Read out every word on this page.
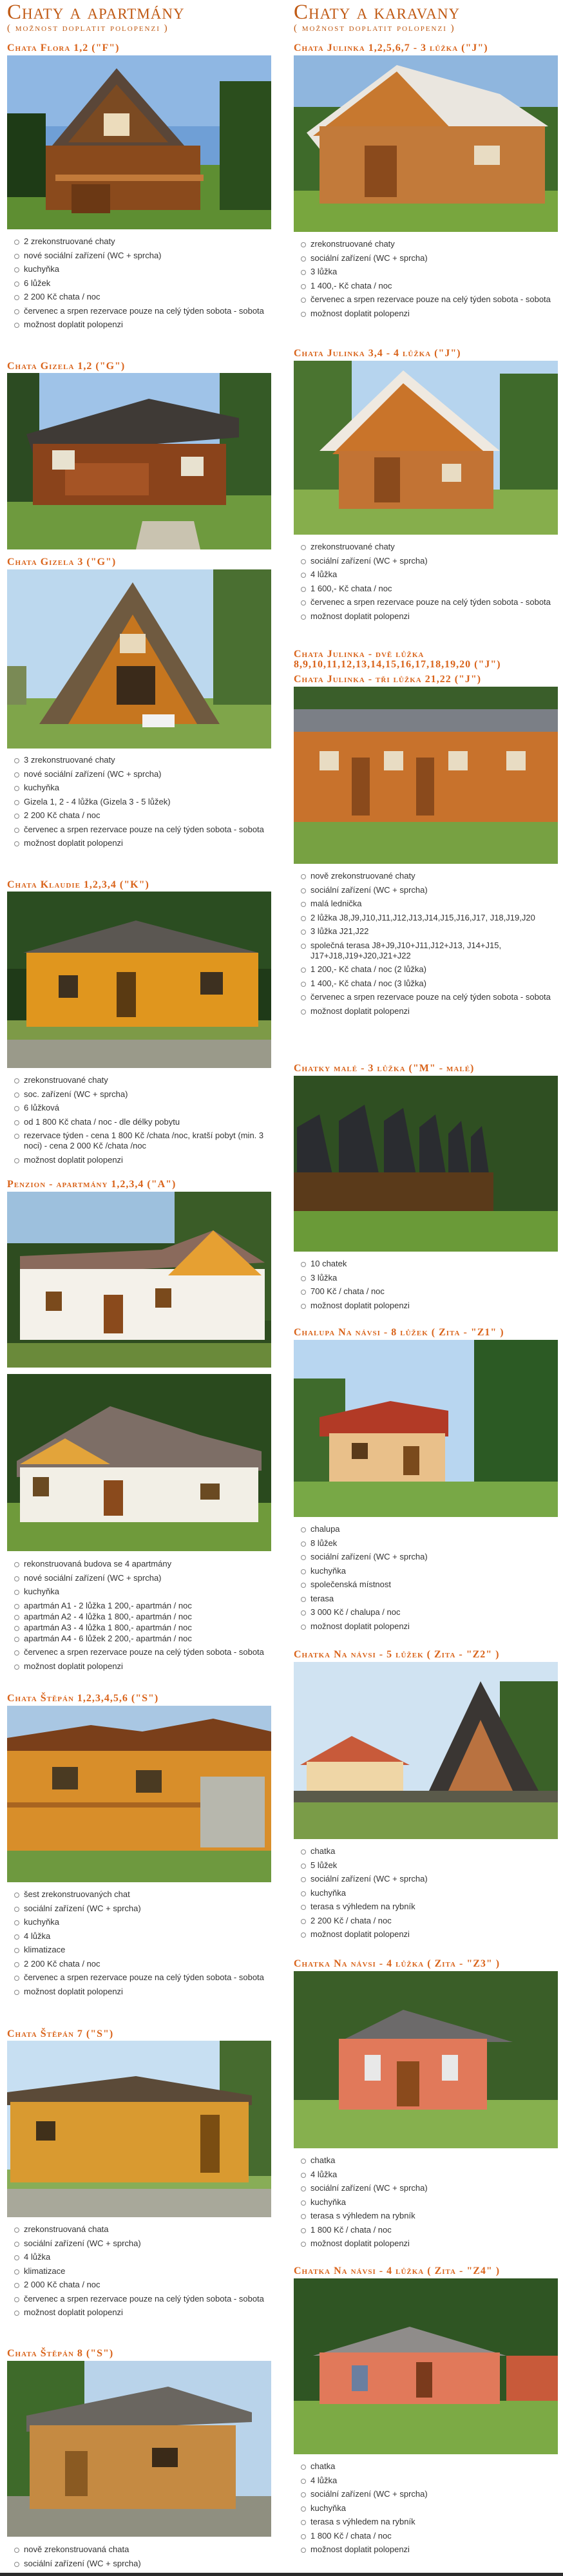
Chaty a apartmány
( možnost doplatit polopenzi )
Chata Flora 1,2 ("F")
2 zrekonstruované chaty
nové sociální zařízení (WC + sprcha)
kuchyňka
6 lůžek
2 200 Kč chata / noc
červenec a srpen rezervace pouze na celý týden sobota - sobota
možnost doplatit polopenzi
Chata Gizela 1,2 ("G")
Chata Gizela 3 ("G")
3 zrekonstruované chaty
nové sociální zařízení (WC + sprcha)
kuchyňka
Gizela 1, 2 - 4 lůžka (Gizela 3 - 5 lůžek)
2 200 Kč chata / noc
červenec a srpen rezervace pouze na celý týden sobota - sobota
možnost doplatit polopenzi
Chata Klaudie 1,2,3,4 ("K")
zrekonstruované chaty
soc. zařízení (WC + sprcha)
6 lůžková
od 1 800 Kč chata / noc - dle délky pobytu
rezervace týden - cena 1 800 Kč /chata /noc, kratší pobyt (min. 3 noci) - cena 2 000 Kč /chata /noc
možnost doplatit polopenzi
Penzion - apartmány 1,2,3,4 ("A")
rekonstruovaná budova se 4 apartmány
nové sociální zařízení (WC + sprcha)
kuchyňka
apartmán A1 - 2 lůžka 1 200,- apartmán / noc
apartmán A2 - 4 lůžka 1 800,- apartmán / noc
apartmán A3 - 4 lůžka 1 800,- apartmán / noc
apartmán A4 - 6 lůžek 2 200,- apartmán / noc
červenec a srpen rezervace pouze na celý týden sobota - sobota
možnost doplatit polopenzi
Chata Štěpán 1,2,3,4,5,6 ("S")
šest zrekonstruovaných chat
sociální zařízení (WC + sprcha)
kuchyňka
4 lůžka
klimatizace
2 200 Kč chata / noc
červenec a srpen rezervace pouze na celý týden sobota - sobota
možnost doplatit polopenzi
Chata Štěpán 7 ("S")
zrekonstruovaná chata
sociální zařízení (WC + sprcha)
4 lůžka
klimatizace
2 000 Kč chata / noc
červenec a srpen rezervace pouze na celý týden sobota - sobota
možnost doplatit polopenzi
Chata Štěpán 8 ("S")
nově zrekonstruovaná chata
sociální zařízení (WC + sprcha)
Chaty a karavany
( možnost doplatit polopenzi )
Chata Julinka 1,2,5,6,7 - 3 lůžka ("J")
zrekonstruované chaty
sociální zařízení (WC + sprcha)
3 lůžka
1 400,- Kč chata / noc
červenec a srpen rezervace pouze na celý týden sobota - sobota
možnost doplatit polopenzi
Chata Julinka 3,4 - 4 lůžka ("J")
zrekonstruované chaty
sociální zařízení (WC + sprcha)
4 lůžka
1 600,- Kč chata / noc
červenec a srpen rezervace pouze na celý týden sobota - sobota
možnost doplatit polopenzi
Chata Julinka - dvě lůžka
8,9,10,11,12,13,14,15,16,17,18,19,20 ("J")
Chata Julinka - tři lůžka 21,22 ("J")
nově zrekonstruované chaty
sociální zařízení (WC + sprcha)
malá lednička
2 lůžka J8,J9,J10,J11,J12,J13,J14,J15,J16,J17, J18,J19,J20
3 lůžka J21,J22
společná terasa J8+J9,J10+J11,J12+J13, J14+J15, J17+J18,J19+J20,J21+J22
1 200,- Kč chata / noc (2 lůžka)
1 400,- Kč chata / noc (3 lůžka)
červenec a srpen rezervace pouze na celý týden sobota - sobota
možnost doplatit polopenzi
Chatky malé - 3 lůžka ("M" - malé)
10 chatek
3 lůžka
700 Kč / chata / noc
možnost doplatit polopenzi
Chalupa Na návsi - 8 lůžek ( Zita - "Z1" )
chalupa
8 lůžek
sociální zařízení (WC + sprcha)
kuchyňka
společenská místnost
terasa
3 000 Kč / chalupa / noc
možnost doplatit polopenzi
Chatka Na návsi - 5 lůžek ( Zita - "Z2" )
chatka
5 lůžek
sociální zařízení (WC + sprcha)
kuchyňka
terasa s výhledem na rybník
2 200 Kč / chata / noc
možnost doplatit polopenzi
Chatka Na návsi - 4 lůžka ( Zita - "Z3" )
chatka
4 lůžka
sociální zařízení (WC + sprcha)
kuchyňka
terasa s výhledem na rybník
1 800 Kč / chata / noc
možnost doplatit polopenzi
Chatka Na návsi - 4 lůžka ( Zita - "Z4" )
chatka
4 lůžka
sociální zařízení (WC + sprcha)
kuchyňka
terasa s výhledem na rybník
1 800 Kč / chata / noc
možnost doplatit polopenzi
